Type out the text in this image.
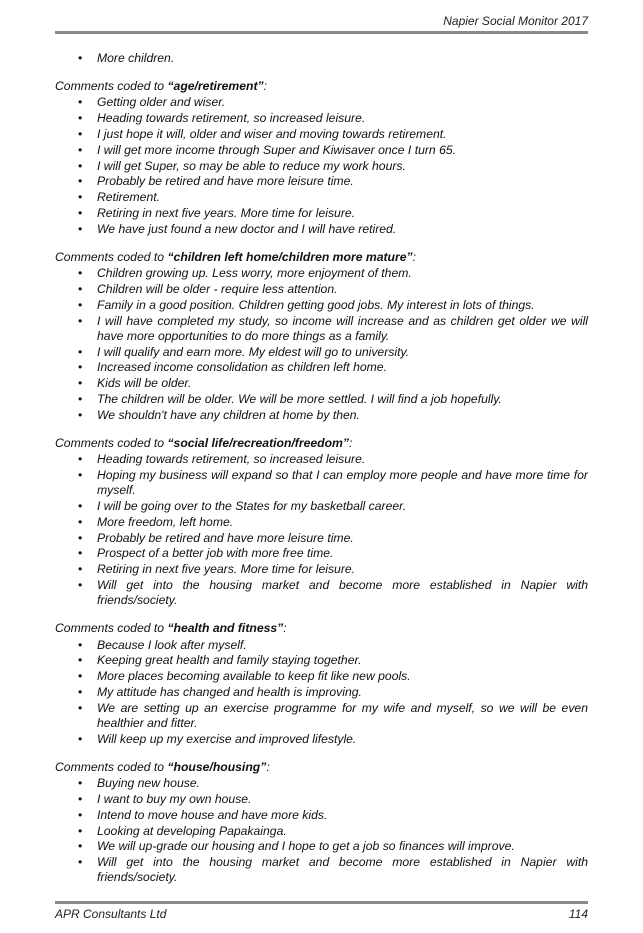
Napier Social Monitor 2017
• More children.
Comments coded to “age/retirement”:
• Getting older and wiser.
• Heading towards retirement, so increased leisure.
• I just hope it will, older and wiser and moving towards retirement.
• I will get more income through Super and Kiwisaver once I turn 65.
• I will get Super, so may be able to reduce my work hours.
• Probably be retired and have more leisure time.
• Retirement.
• Retiring in next five years. More time for leisure.
• We have just found a new doctor and I will have retired.
Comments coded to “children left home/children more mature”:
• Children growing up. Less worry, more enjoyment of them.
• Children will be older - require less attention.
• Family in a good position. Children getting good jobs. My interest in lots of things.
• I will have completed my study, so income will increase and as children get older we will have more opportunities to do more things as a family.
• I will qualify and earn more. My eldest will go to university.
• Increased income consolidation as children left home.
• Kids will be older.
• The children will be older. We will be more settled. I will find a job hopefully.
• We shouldn't have any children at home by then.
Comments coded to “social life/recreation/freedom”:
• Heading towards retirement, so increased leisure.
• Hoping my business will expand so that I can employ more people and have more time for myself.
• I will be going over to the States for my basketball career.
• More freedom, left home.
• Probably be retired and have more leisure time.
• Prospect of a better job with more free time.
• Retiring in next five years. More time for leisure.
• Will get into the housing market and become more established in Napier with friends/society.
Comments coded to “health and fitness”:
• Because I look after myself.
• Keeping great health and family staying together.
• More places becoming available to keep fit like new pools.
• My attitude has changed and health is improving.
• We are setting up an exercise programme for my wife and myself, so we will be even healthier and fitter.
• Will keep up my exercise and improved lifestyle.
Comments coded to “house/housing”:
• Buying new house.
• I want to buy my own house.
• Intend to move house and have more kids.
• Looking at developing Papakainga.
• We will up-grade our housing and I hope to get a job so finances will improve.
• Will get into the housing market and become more established in Napier with friends/society.
APR Consultants Ltd	114
